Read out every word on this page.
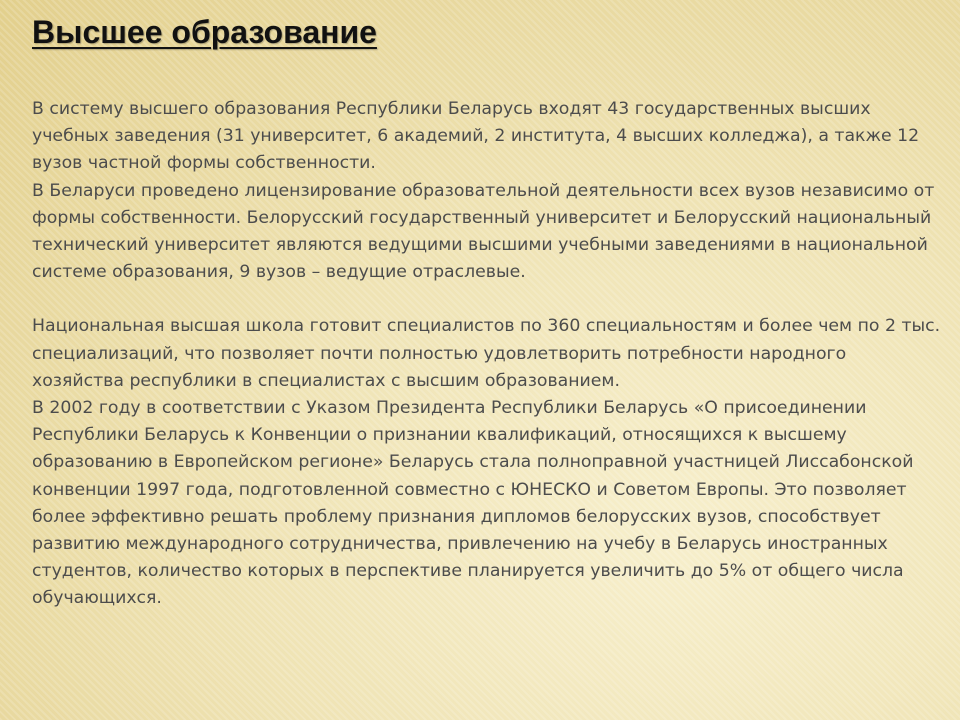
Высшее образование

В систему высшего образования Республики Беларусь входят 43 государственных высших учебных заведения (31 университет, 6 академий, 2 института, 4 высших колледжа), а также 12 вузов частной формы собственности.

В Беларуси проведено лицензирование образовательной деятельности всех вузов независимо от формы собственности. Белорусский государственный университет и Белорусский национальный технический университет являются ведущими высшими учебными заведениями в национальной системе образования, 9 вузов – ведущие отраслевые.

Национальная высшая школа готовит специалистов по 360 специальностям и более чем по 2 тыс. специализаций, что позволяет почти полностью удовлетворить потребности народного хозяйства республики в специалистах с высшим образованием.

В 2002 году в соответствии с Указом Президента Республики Беларусь «О присоединении Республики Беларусь к Конвенции о признании квалификаций, относящихся к высшему образованию в Европейском регионе» Беларусь стала полноправной участницей Лиссабонской конвенции 1997 года, подготовленной совместно с ЮНЕСКО и Советом Европы. Это позволяет более эффективно решать проблему признания дипломов белорусских вузов, способствует развитию международного сотрудничества, привлечению на учебу в Беларусь иностранных студентов, количество которых в перспективе планируется увеличить до 5% от общего числа обучающихся.
